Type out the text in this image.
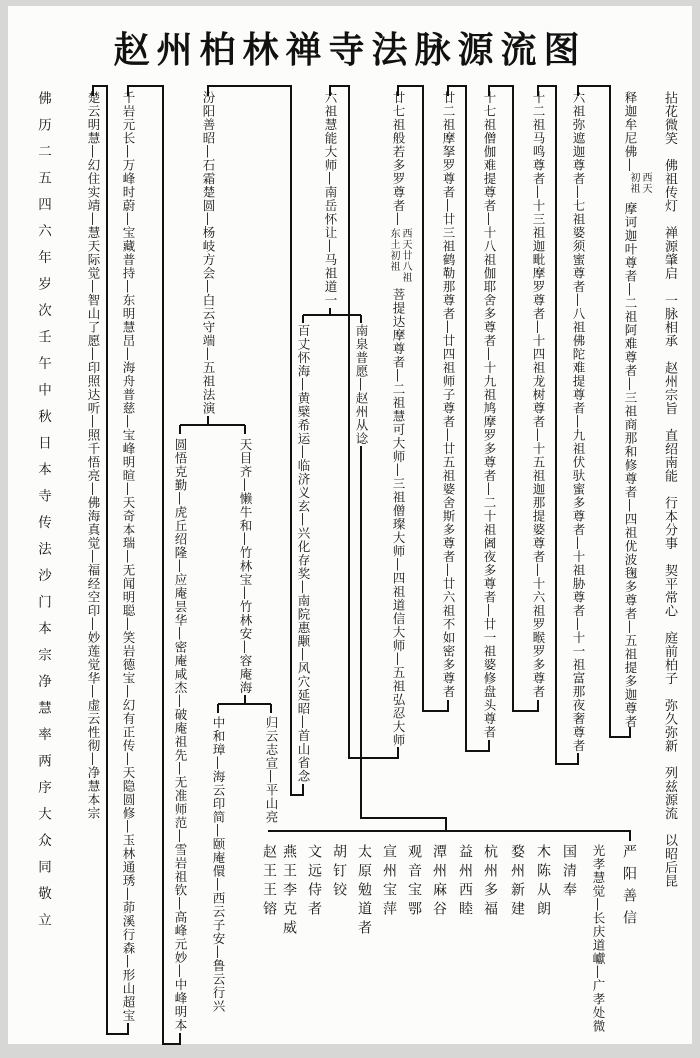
赵州柏林禅寺法脉源流图
拈花微笑　佛祖传灯　禅源肇启　一脉相承　赵州宗旨　直绍南能　行本分事　契平常心　庭前柏子　弥久弥新　列兹源流　以昭后昆
释迦牟尼佛—
西天初祖
摩诃迦叶尊者—二祖阿难尊者—三祖商那和修尊者—四祖优波毱多尊者—五祖提多迦尊者
六祖弥遮迦尊者—七祖婆须蜜尊者—八祖佛陀难提尊者—九祖伏驮蜜多尊者—十祖胁尊者—十一祖富那夜奢尊者
十二祖马鸣尊者—十三祖迦毗摩罗尊者—十四祖龙树尊者—十五祖迦那提婆尊者—十六祖罗睺罗多尊者
十七祖僧伽难提尊者—十八祖伽耶舍多尊者—十九祖鸠摩罗多尊者—二十祖阇夜多尊者—廿一祖婆修盘头尊者
廿二祖摩拏罗尊者—廿三祖鹤勒那尊者—廿四祖师子尊者—廿五祖婆舍斯多尊者—廿六祖不如密多尊者
廿七祖般若多罗尊者—
西天廿八祖东土初祖
菩提达摩尊者—二祖慧可大师—三祖僧璨大师—四祖道信大师—五祖弘忍大师
六祖慧能大师—南岳怀让—马祖道一
南泉普愿—赵州从谂
百丈怀海—黄檗希运—临济义玄—兴化存奖—南院惠颙—风穴延昭—首山省念
汾阳善昭—石霜楚圆—杨岐方会—白云守端—五祖法演
圆悟克勤—虎丘绍隆—应庵昙华—密庵咸杰—破庵祖先—无准师范—雪岩祖钦—高峰元妙—中峰明本	天目齐—懒牛和—竹林宝—竹林安—容庵海
中和璋—海云印简—颐庵儇—西云子安—鲁云行兴	归云志宣—平山亮
千岩元长—万峰时蔚—宝藏普持—东明慧旵—海舟普慈—宝峰明暄—天奇本瑞—无闻明聪—笑岩德宝—幻有正传—天隐圆修—玉林通琇—茆溪行森—形山超宝
楚云明慧—幻住实靖—慧天际觉—智山了愿—印照达听—照千悟亮—佛海真觉—福经空印—妙莲觉华—虚云性彻—净慧本宗
赵王王镕 燕王李克威 文远侍者 胡钉铰 太原勉道者 宣州宝萍 观音宝鄂 潭州麻谷 益州西睦 杭州多福 婺州新建 木陈从朗 国清奉 光孝慧觉—长庆道巘—广孝处微 严阳善信
佛历二五四六年岁次壬午中秋日本寺传法沙门本宗净慧率两序大众同敬立
